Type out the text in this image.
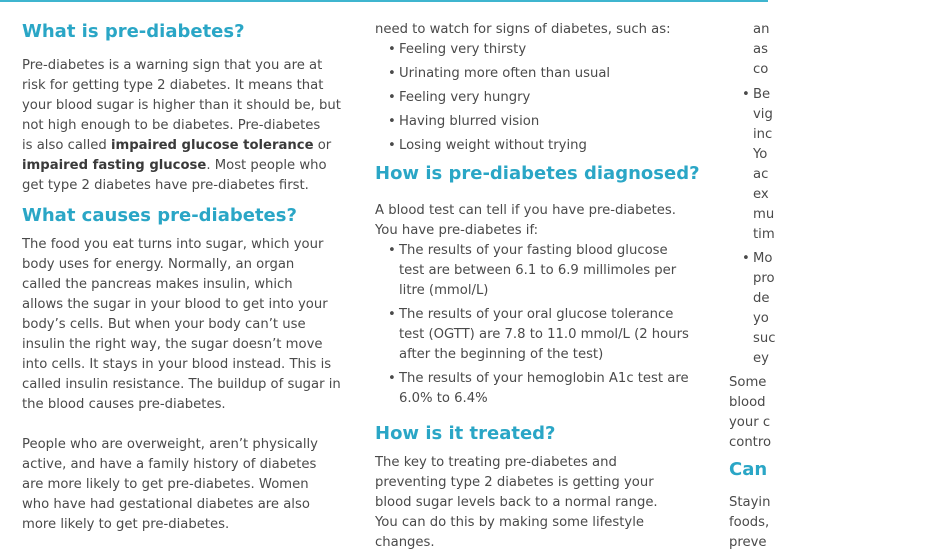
What is pre-diabetes?
Pre-diabetes is a warning sign that you are at
risk for getting type 2 diabetes. It means that
your blood sugar is higher than it should be, but
not high enough to be diabetes. Pre-diabetes
is also called impaired glucose tolerance or
impaired fasting glucose. Most people who
get type 2 diabetes have pre-diabetes first.
What causes pre-diabetes?
The food you eat turns into sugar, which your
body uses for energy. Normally, an organ
called the pancreas makes insulin, which
allows the sugar in your blood to get into your
body’s cells. But when your body can’t use
insulin the right way, the sugar doesn’t move
into cells. It stays in your blood instead. This is
called insulin resistance. The buildup of sugar in
the blood causes pre-diabetes.
People who are overweight, aren’t physically
active, and have a family history of diabetes
are more likely to get pre-diabetes. Women
who have had gestational diabetes are also
more likely to get pre-diabetes.
need to watch for signs of diabetes, such as:
• Feeling very thirsty
• Urinating more often than usual
• Feeling very hungry
• Having blurred vision
• Losing weight without trying
How is pre-diabetes diagnosed?
A blood test can tell if you have pre-diabetes.
You have pre-diabetes if:
• The results of your fasting blood glucose
test are between 6.1 to 6.9 millimoles per
litre (mmol/L)
• The results of your oral glucose tolerance
test (OGTT) are 7.8 to 11.0 mmol/L (2 hours
after the beginning of the test)
• The results of your hemoglobin A1c test are
6.0% to 6.4%
How is it treated?
The key to treating pre-diabetes and
preventing type 2 diabetes is getting your
blood sugar levels back to a normal range.
You can do this by making some lifestyle
changes.
an
as
co
• Be
vig
inc
Yo
ac
ex
mu
tim
• Mo
pro
de
yo
suc
ey
Some
blood
your c
contro
Can
Stayin
foods,
preve
